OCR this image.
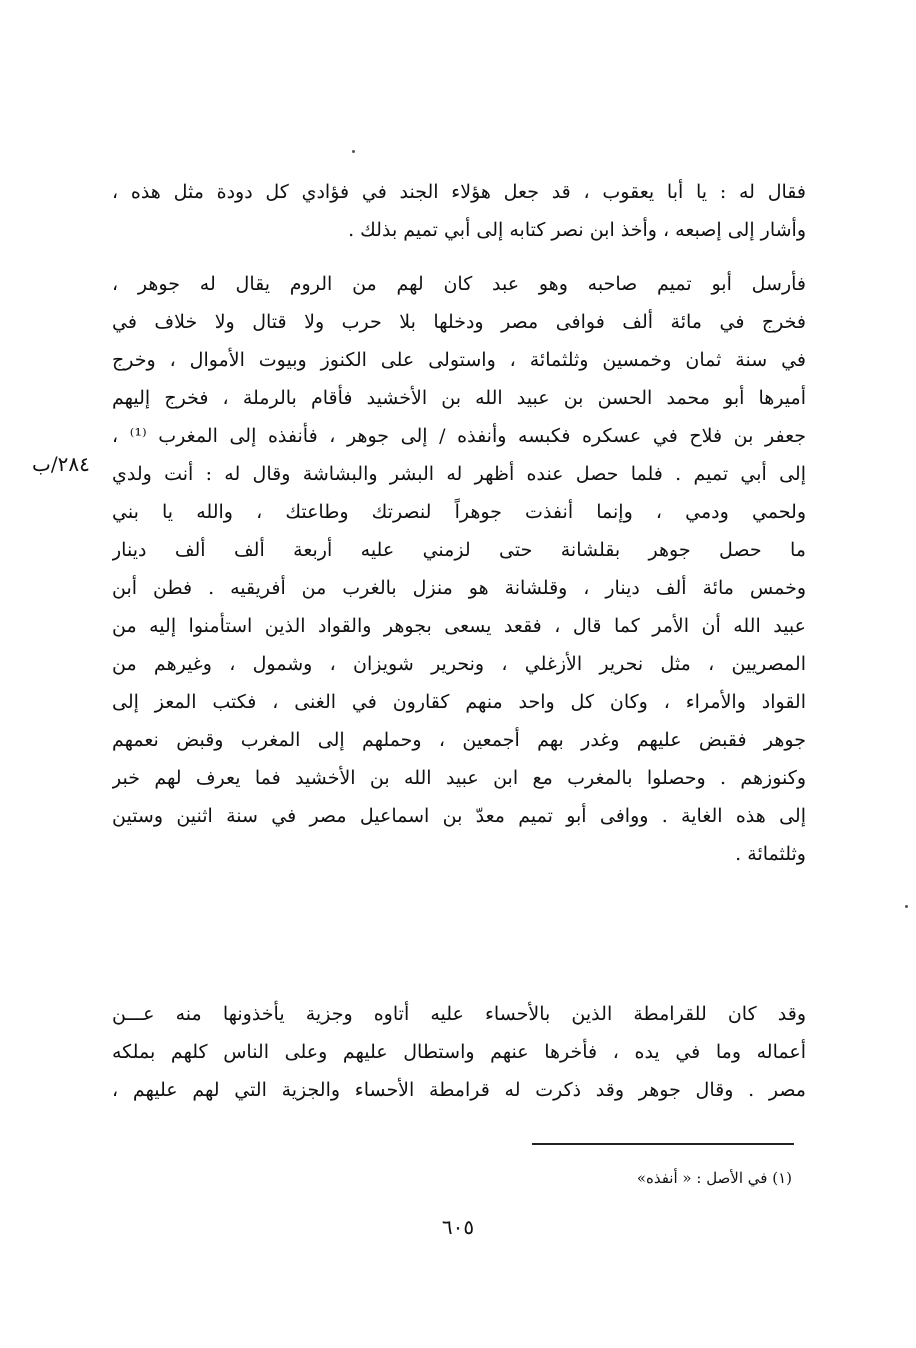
فقال له : يا أبا يعقوب ، قد جعل هؤلاء الجند في فؤادي كل دودة مثل هذه ،
وأشار إلى إصبعه ، وأخذ ابن نصر كتابه إلى أبي تميم بذلك .
فأرسل أبو تميم صاحبه وهو عبد كان لهم من الروم يقال له جوهر ،
فخرج في مائة ألف فوافى مصر ودخلها بلا حرب ولا قتال ولا خلاف في
في سنة ثمان وخمسين وثلثمائة ، واستولى على الكنوز وبيوت الأموال ، وخرج
أميرها أبو محمد الحسن بن عبيد الله بن الأخشيد فأقام بالرملة ، فخرج إليهم
جعفر بن فلاح في عسكره فكبسه وأنفذه / إلى جوهر ، فأنفذه إلى المغرب ⁽¹⁾ ،
إلى أبي تميم . فلما حصل عنده أظهر له البشر والبشاشة وقال له : أنت ولدي
ولحمي ودمي ، وإنما أنفذت جوهراً لنصرتك وطاعتك ، والله يا بني
ما حصل جوهر بقلشانة حتى لزمني عليه أربعة ألف ألف دينار
وخمس مائة ألف دينار ، وقلشانة هو منزل بالغرب من أفريقيه . فطن أبن
عبيد الله أن الأمر كما قال ، فقعد يسعى بجوهر والقواد الذين استأمنوا إليه من
المصريين ، مثل نحرير الأزغلي ، ونحرير شويزان ، وشمول ، وغيرهم من
القواد والأمراء ، وكان كل واحد منهم كقارون في الغنى ، فكتب المعز إلى
جوهر فقبض عليهم وغدر بهم أجمعين ، وحملهم إلى المغرب وقبض نعمهم
وكنوزهم . وحصلوا بالمغرب مع ابن عبيد الله بن الأخشيد فما يعرف لهم خبر
إلى هذه الغاية . ووافى أبو تميم معدّ بن اسماعيل مصر في سنة اثنين وستين
وثلثمائة .
وقد كان للقرامطة الذين بالأحساء عليه أتاوه وجزية يأخذونها منه عـــن
أعماله وما في يده ، فأخرها عنهم واستطال عليهم وعلى الناس كلهم بملكه
مصر . وقال جوهر وقد ذكرت له قرامطة الأحساء والجزية التي لهم عليهم ،
٢٨٤/ب
(١) في الأصل : « أنفذه»
٦٠٥
